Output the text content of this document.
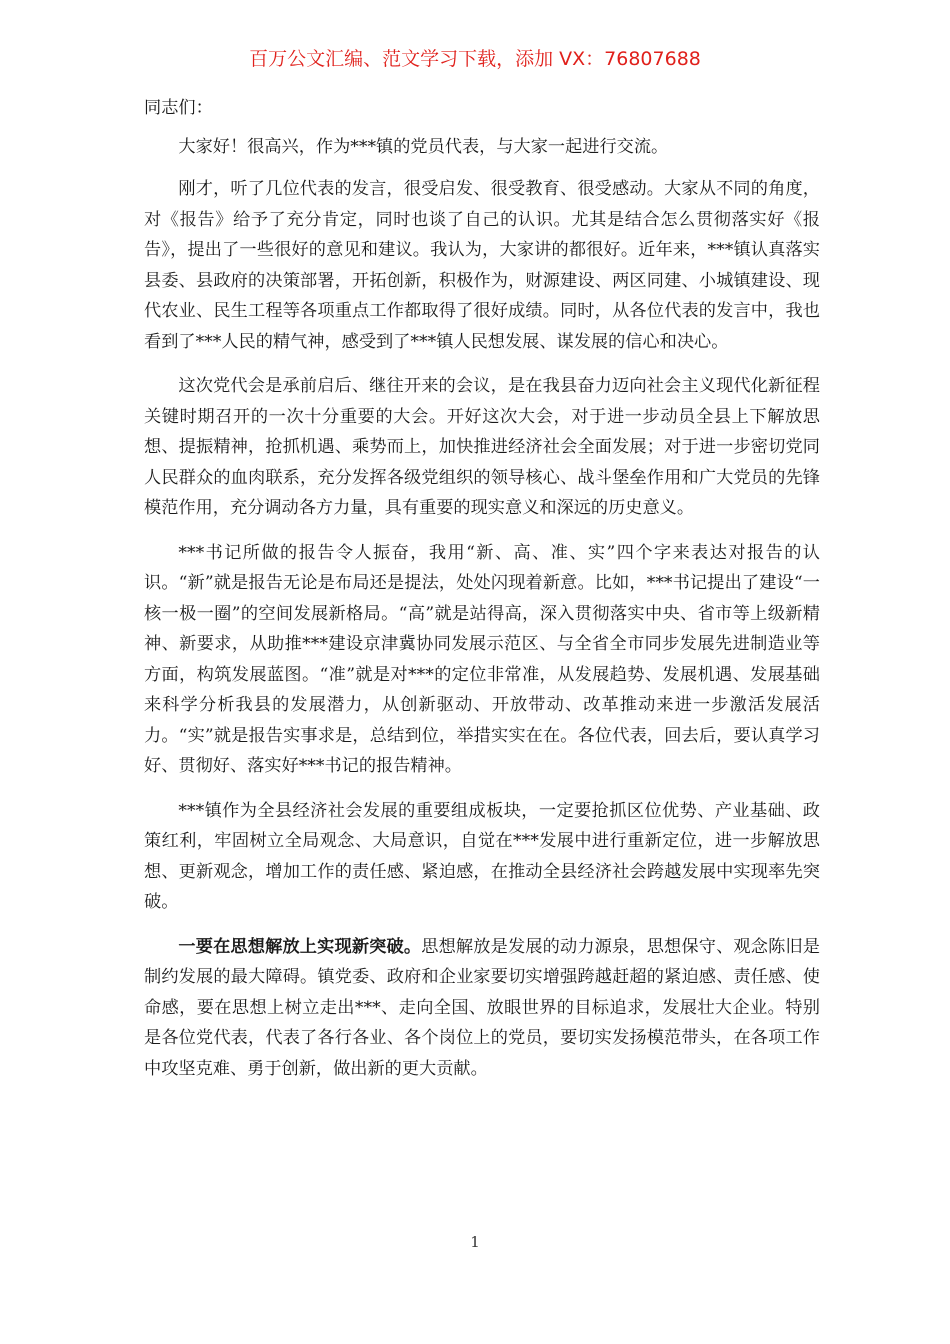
百万公文汇编、范文学习下载，添加 VX：76807688

同志们：

大家好！很高兴，作为***镇的党员代表，与大家一起进行交流。

刚才，听了几位代表的发言，很受启发、很受教育、很受感动。大家从不同的角度，对《报告》给予了充分肯定，同时也谈了自己的认识。尤其是结合怎么贯彻落实好《报告》，提出了一些很好的意见和建议。我认为，大家讲的都很好。近年来，***镇认真落实县委、县政府的决策部署，开拓创新，积极作为，财源建设、两区同建、小城镇建设、现代农业、民生工程等各项重点工作都取得了很好成绩。同时，从各位代表的发言中，我也看到了***人民的精气神，感受到了***镇人民想发展、谋发展的信心和决心。

这次党代会是承前启后、继往开来的会议，是在我县奋力迈向社会主义现代化新征程关键时期召开的一次十分重要的大会。开好这次大会，对于进一步动员全县上下解放思想、提振精神，抢抓机遇、乘势而上，加快推进经济社会全面发展；对于进一步密切党同人民群众的血肉联系，充分发挥各级党组织的领导核心、战斗堡垒作用和广大党员的先锋模范作用，充分调动各方力量，具有重要的现实意义和深远的历史意义。

***书记所做的报告令人振奋，我用“新、高、准、实”四个字来表达对报告的认识。“新”就是报告无论是布局还是提法，处处闪现着新意。比如，***书记提出了建设“一核一极一圈”的空间发展新格局。“高”就是站得高，深入贯彻落实中央、省市等上级新精神、新要求，从助推***建设京津冀协同发展示范区、与全省全市同步发展先进制造业等方面，构筑发展蓝图。“准”就是对***的定位非常准，从发展趋势、发展机遇、发展基础来科学分析我县的发展潜力，从创新驱动、开放带动、改革推动来进一步激活发展活力。“实”就是报告实事求是，总结到位，举措实实在在。各位代表，回去后，要认真学习好、贯彻好、落实好***书记的报告精神。

***镇作为全县经济社会发展的重要组成板块，一定要抢抓区位优势、产业基础、政策红利，牢固树立全局观念、大局意识，自觉在***发展中进行重新定位，进一步解放思想、更新观念，增加工作的责任感、紧迫感，在推动全县经济社会跨越发展中实现率先突破。

一要在思想解放上实现新突破。思想解放是发展的动力源泉，思想保守、观念陈旧是制约发展的最大障碍。镇党委、政府和企业家要切实增强跨越赶超的紧迫感、责任感、使命感，要在思想上树立走出***、走向全国、放眼世界的目标追求，发展壮大企业。特别是各位党代表，代表了各行各业、各个岗位上的党员，要切实发扬模范带头，在各项工作中攻坚克难、勇于创新，做出新的更大贡献。

1
